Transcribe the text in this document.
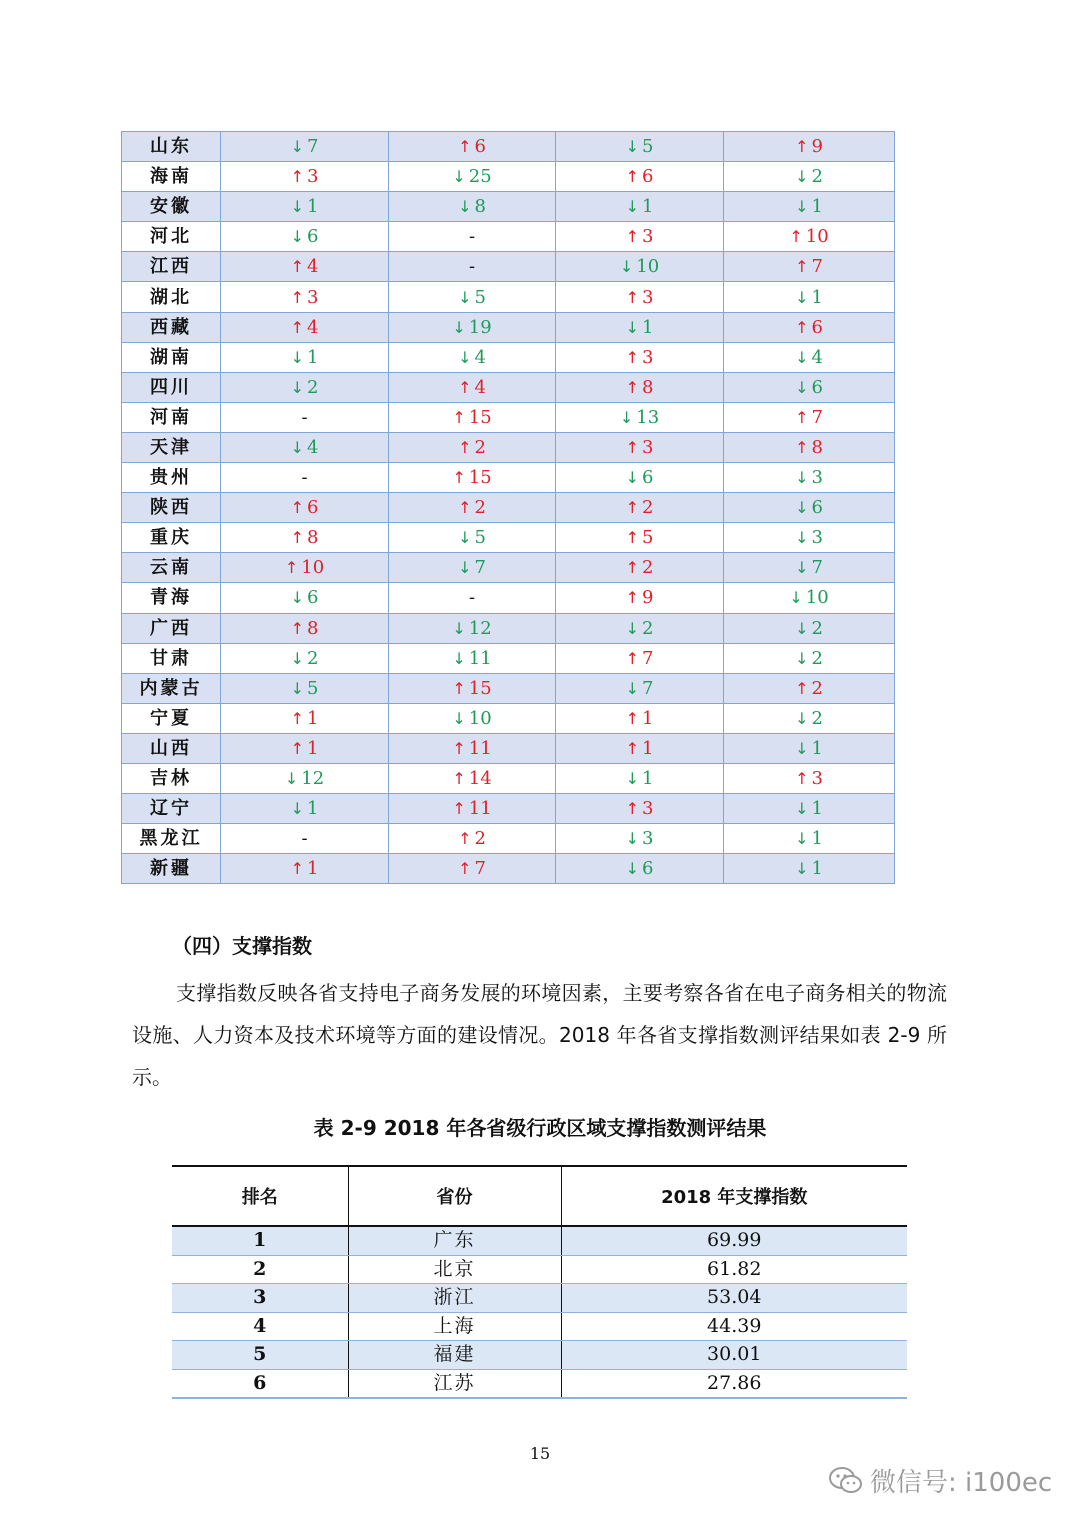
山东	↓ 7	↑ 6	↓ 5	↑ 9
海南	↑ 3	↓ 25	↑ 6	↓ 2
安徽	↓ 1	↓ 8	↓ 1	↓ 1
河北	↓ 6	-	↑ 3	↑ 10
江西	↑ 4	-	↓ 10	↑ 7
湖北	↑ 3	↓ 5	↑ 3	↓ 1
西藏	↑ 4	↓ 19	↓ 1	↑ 6
湖南	↓ 1	↓ 4	↑ 3	↓ 4
四川	↓ 2	↑ 4	↑ 8	↓ 6
河南	-	↑ 15	↓ 13	↑ 7
天津	↓ 4	↑ 2	↑ 3	↑ 8
贵州	-	↑ 15	↓ 6	↓ 3
陕西	↑ 6	↑ 2	↑ 2	↓ 6
重庆	↑ 8	↓ 5	↑ 5	↓ 3
云南	↑ 10	↓ 7	↑ 2	↓ 7
青海	↓ 6	-	↑ 9	↓ 10
广西	↑ 8	↓ 12	↓ 2	↓ 2
甘肃	↓ 2	↓ 11	↑ 7	↓ 2
内蒙古	↓ 5	↑ 15	↓ 7	↑ 2
宁夏	↑ 1	↓ 10	↑ 1	↓ 2
山西	↑ 1	↑ 11	↑ 1	↓ 1
吉林	↓ 12	↑ 14	↓ 1	↑ 3
辽宁	↓ 1	↑ 11	↑ 3	↓ 1
黑龙江	-	↑ 2	↓ 3	↓ 1
新疆	↑ 1	↑ 7	↓ 6	↓ 1
（四）支撑指数
支撑指数反映各省支持电子商务发展的环境因素，主要考察各省在电子商务相关的物流设施、人力资本及技术环境等方面的建设情况。2018 年各省支撑指数测评结果如表 2-9 所示。
表 2-9 2018 年各省级行政区域支撑指数测评结果
排名	省份	2018 年支撑指数
1	广东	69.99
2	北京	61.82
3	浙江	53.04
4	上海	44.39
5	福建	30.01
6	江苏	27.86
15
微信号: i100ec
